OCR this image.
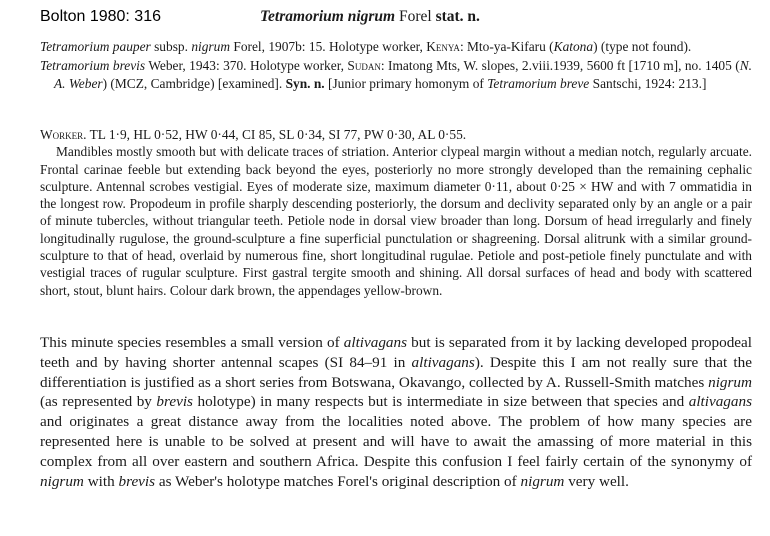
Bolton 1980: 316	Tetramorium nigrum Forel stat. n.

Tetramorium pauper subsp. nigrum Forel, 1907b: 15. Holotype worker, Kenya: Mto-ya-Kifaru (Katona) (type not found).

Tetramorium brevis Weber, 1943: 370. Holotype worker, Sudan: Imatong Mts, W. slopes, 2.viii.1939, 5600 ft [1710 m], no. 1405 (N. A. Weber) (MCZ, Cambridge) [examined]. Syn. n. [Junior primary homonym of Tetramorium breve Santschi, 1924: 213.]

Worker. TL 1·9, HL 0·52, HW 0·44, CI 85, SL 0·34, SI 77, PW 0·30, AL 0·55.

Mandibles mostly smooth but with delicate traces of striation. Anterior clypeal margin without a median notch, regularly arcuate. Frontal carinae feeble but extending back beyond the eyes, posteriorly no more strongly developed than the remaining cephalic sculpture. Antennal scrobes vestigial. Eyes of moderate size, maximum diameter 0·11, about 0·25 × HW and with 7 ommatidia in the longest row. Propodeum in profile sharply descending posteriorly, the dorsum and declivity separated only by an angle or a pair of minute tubercles, without triangular teeth. Petiole node in dorsal view broader than long. Dorsum of head irregularly and finely longitudinally rugulose, the ground-sculpture a fine superficial punctulation or shagreening. Dorsal alitrunk with a similar ground-sculpture to that of head, overlaid by numerous fine, short longitudinal rugulae. Petiole and post-petiole finely punctulate and with vestigial traces of rugular sculpture. First gastral tergite smooth and shining. All dorsal surfaces of head and body with scattered short, stout, blunt hairs. Colour dark brown, the appendages yellow-brown.

This minute species resembles a small version of altivagans but is separated from it by lacking developed propodeal teeth and by having shorter antennal scapes (SI 84–91 in altivagans). Despite this I am not really sure that the differentiation is justified as a short series from Botswana, Okavango, collected by A. Russell-Smith matches nigrum (as represented by brevis holotype) in many respects but is intermediate in size between that species and altivagans and originates a great distance away from the localities noted above. The problem of how many species are represented here is unable to be solved at present and will have to await the amassing of more material in this complex from all over eastern and southern Africa. Despite this confusion I feel fairly certain of the synonymy of nigrum with brevis as Weber's holotype matches Forel's original description of nigrum very well.
